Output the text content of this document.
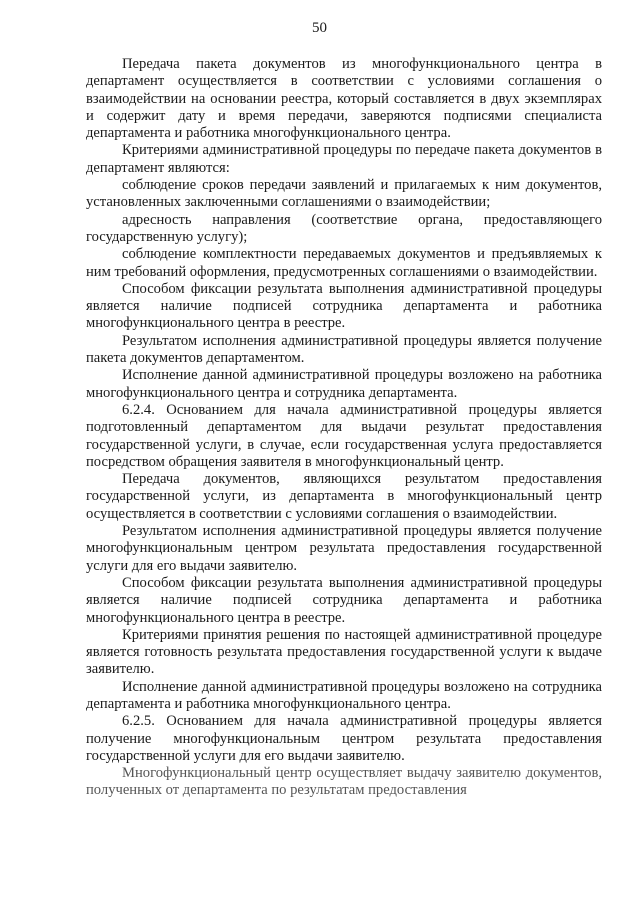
50

Передача пакета документов из многофункционального центра в департамент осуществляется в соответствии с условиями соглашения о взаимодействии на основании реестра, который составляется в двух экземплярах и содержит дату и время передачи, заверяются подписями специалиста департамента и работника многофункционального центра.

Критериями административной процедуры по передаче пакета документов в департамент являются:

соблюдение сроков передачи заявлений и прилагаемых к ним документов, установленных заключенными соглашениями о взаимодействии;

адресность направления (соответствие органа, предоставляющего государственную услугу);

соблюдение комплектности передаваемых документов и предъявляемых к ним требований оформления, предусмотренных соглашениями о взаимодействии.

Способом фиксации результата выполнения административной процедуры является наличие подписей сотрудника департамента и работника многофункционального центра в реестре.

Результатом исполнения административной процедуры является получение пакета документов департаментом.

Исполнение данной административной процедуры возложено на работника многофункционального центра и сотрудника департамента.

6.2.4. Основанием для начала административной процедуры является подготовленный департаментом для выдачи результат предоставления государственной услуги, в случае, если государственная услуга предоставляется посредством обращения заявителя в многофункциональный центр.

Передача документов, являющихся результатом предоставления государственной услуги, из департамента в многофункциональный центр осуществляется в соответствии с условиями соглашения о взаимодействии.

Результатом исполнения административной процедуры является получение многофункциональным центром результата предоставления государственной услуги для его выдачи заявителю.

Способом фиксации результата выполнения административной процедуры является наличие подписей сотрудника департамента и работника многофункционального центра в реестре.

Критериями принятия решения по настоящей административной процедуре является готовность результата предоставления государственной услуги к выдаче заявителю.

Исполнение данной административной процедуры возложено на сотрудника департамента и работника многофункционального центра.

6.2.5. Основанием для начала административной процедуры является получение многофункциональным центром результата предоставления государственной услуги для его выдачи заявителю.

Многофункциональный центр осуществляет выдачу заявителю документов, полученных от департамента по результатам предоставления
